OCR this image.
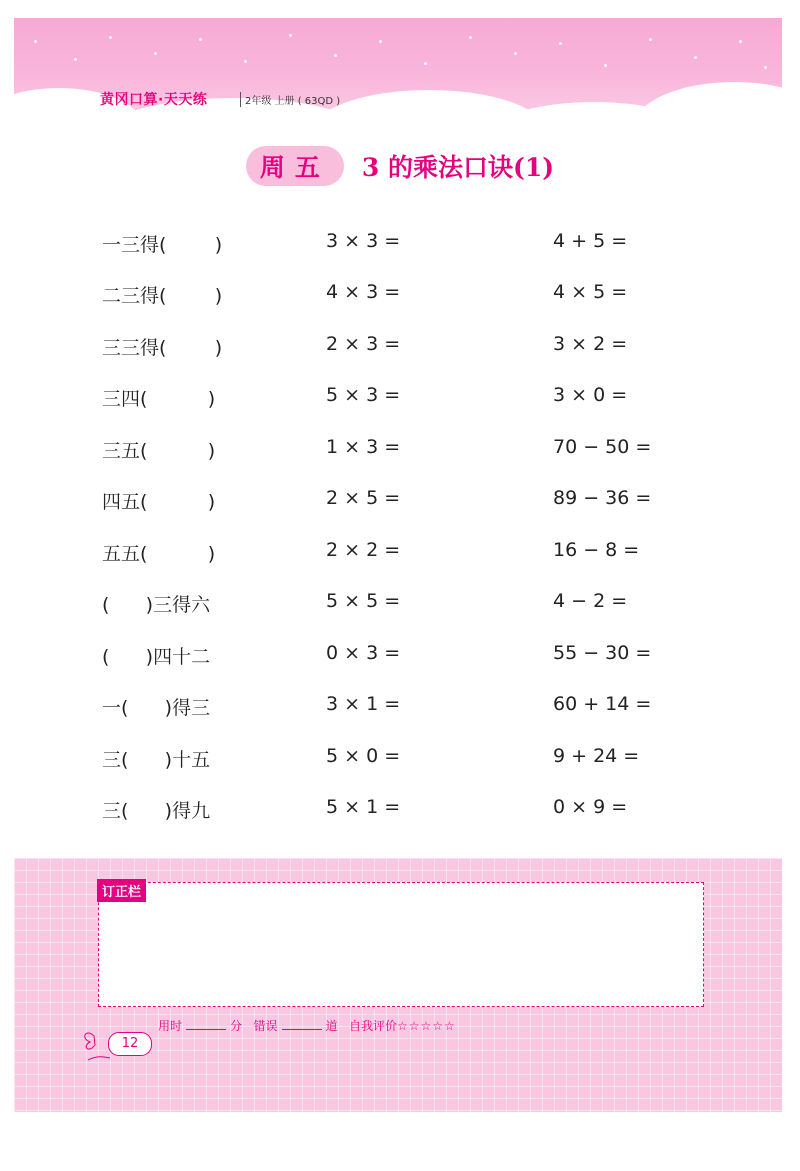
黄冈口算·天天练	2年级 上册 ( 63QD )
周五 3 的乘法口诀(1)
一三得(        )	3 × 3 =	4 + 5 =
二三得(        )	4 × 3 =	4 × 5 =
三三得(        )	2 × 3 =	3 × 2 =
三四(          )	5 × 3 =	3 × 0 =
三五(          )	1 × 3 =	70 − 50 =
四五(          )	2 × 5 =	89 − 36 =
五五(          )	2 × 2 =	16 − 8 =
(      )三得六	5 × 5 =	4 − 2 =
(      )四十二	0 × 3 =	55 − 30 =
一(      )得三	3 × 1 =	60 + 14 =
三(      )十五	5 × 0 =	9 + 24 =
三(      )得九	5 × 1 =	0 × 9 =
订正栏
用时	分 错误	道 自我评价☆☆☆☆☆
12
